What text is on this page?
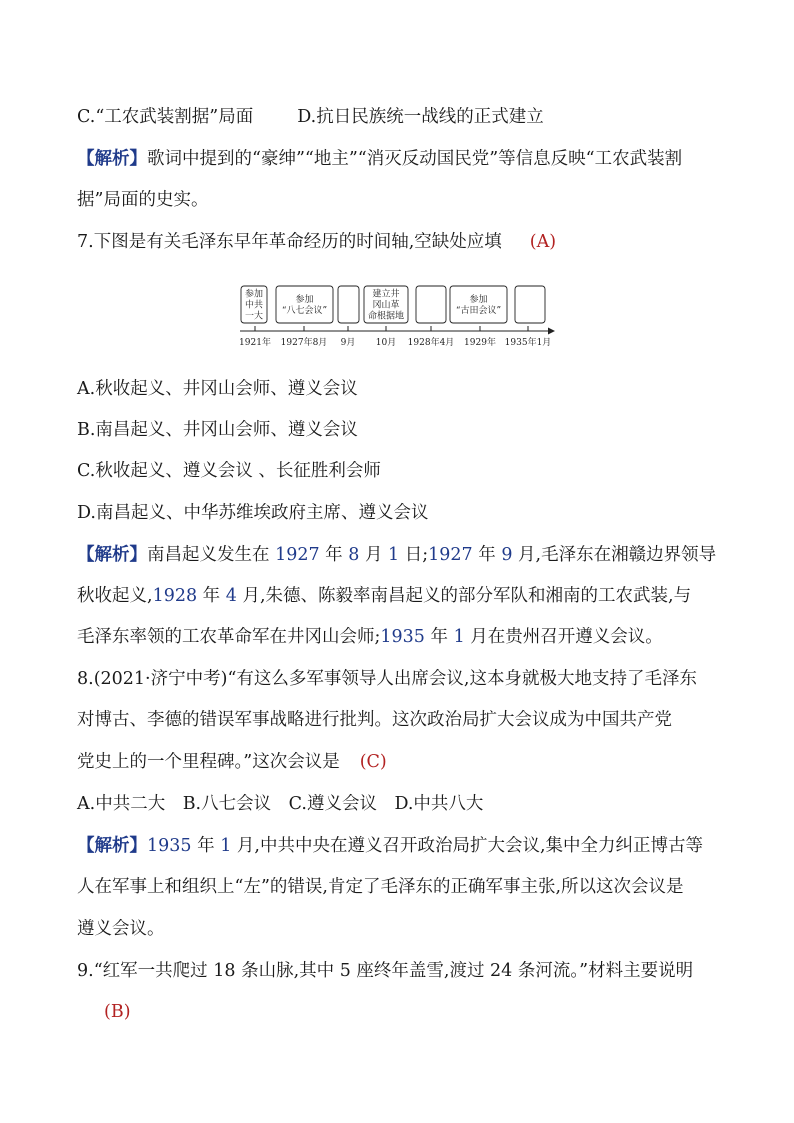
C.“工农武装割据”局面	D.抗日民族统一战线的正式建立
【解析】歌词中提到的“豪绅”“地主”“消灭反动国民党”等信息反映“工农武装割
据”局面的史实。
7.下图是有关毛泽东早年革命经历的时间轴,空缺处应填 (A)
参加
中共
一大
参加
“八七会议”
建立井
冈山革
命根据地
参加
“古田会议”
1921年 1927年8月 9月 10月 1928年4月 1929年 1935年1月
A.秋收起义、井冈山会师、遵义会议
B.南昌起义、井冈山会师、遵义会议
C.秋收起义、遵义会议 、长征胜利会师
D.南昌起义、中华苏维埃政府主席、遵义会议
【解析】南昌起义发生在 1927 年 8 月 1 日;1927 年 9 月,毛泽东在湘赣边界领导
秋收起义,1928 年 4 月,朱德、陈毅率南昌起义的部分军队和湘南的工农武装,与
毛泽东率领的工农革命军在井冈山会师;1935 年 1 月在贵州召开遵义会议。
8.(2021·济宁中考)“有这么多军事领导人出席会议,这本身就极大地支持了毛泽东
对博古、李德的错误军事战略进行批判。这次政治局扩大会议成为中国共产党
党史上的一个里程碑。”这次会议是 (C)
A.中共二大　B.八七会议　C.遵义会议　D.中共八大
【解析】1935 年 1 月,中共中央在遵义召开政治局扩大会议,集中全力纠正博古等
人在军事上和组织上“左”的错误,肯定了毛泽东的正确军事主张,所以这次会议是
遵义会议。
9.“红军一共爬过 18 条山脉,其中 5 座终年盖雪,渡过 24 条河流。”材料主要说明
(B)
